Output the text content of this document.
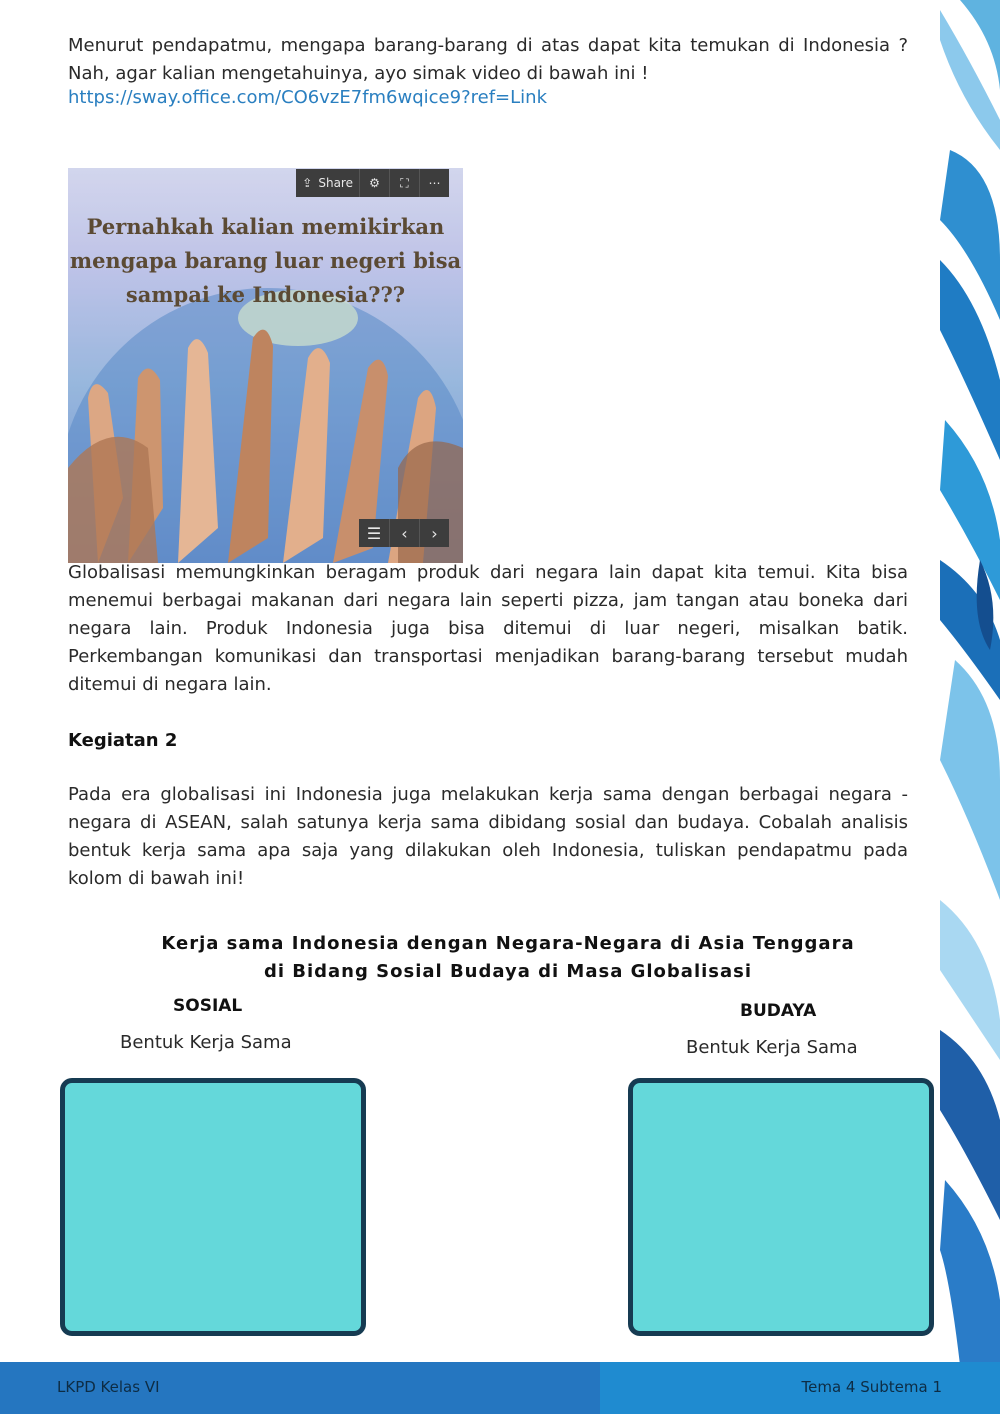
Menurut pendapatmu, mengapa barang-barang di atas dapat kita temukan di Indonesia ? Nah, agar kalian mengetahuinya, ayo simak video di bawah ini !
https://sway.office.com/CO6vzE7fm6wqice9?ref=Link
Pernahkah kalian memikirkan mengapa barang luar negeri bisa sampai ke Indonesia???
⇪ Share ⚙ ⛶ ⋯
☰ ‹ ›
Globalisasi memungkinkan beragam produk dari negara lain dapat kita temui. Kita bisa menemui berbagai makanan dari negara lain seperti pizza, jam tangan atau boneka dari negara lain. Produk Indonesia juga bisa ditemui di luar negeri, misalkan batik. Perkembangan komunikasi dan transportasi menjadikan barang-barang tersebut mudah ditemui di negara lain.
Kegiatan 2
Pada era globalisasi ini Indonesia juga melakukan kerja sama dengan berbagai negara - negara di ASEAN, salah satunya kerja sama dibidang sosial dan budaya. Cobalah analisis bentuk kerja sama apa saja yang dilakukan oleh Indonesia, tuliskan pendapatmu pada kolom di bawah ini!
Kerja sama Indonesia dengan Negara-Negara di Asia Tenggara
di Bidang Sosial Budaya di Masa Globalisasi
SOSIAL
Bentuk Kerja Sama
BUDAYA
Bentuk Kerja Sama
LKPD Kelas VI	Tema 4 Subtema 1
